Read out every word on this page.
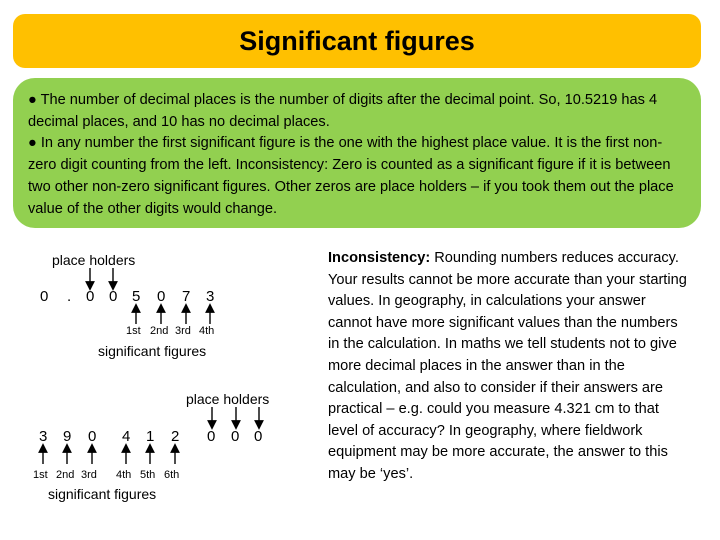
Significant figures

● The number of decimal places is the number of digits after the decimal point. So, 10.5219 has 4 decimal places, and 10 has no decimal places.

● In any number the first significant figure is the one with the highest place value. It is the first non-zero digit counting from the left. Inconsistency: Zero is counted as a significant figure if it is between two other non-zero significant figures. Other zeros are place holders – if you took them out the place value of the other digits would change.

place holders
0 . 0 0 5 0 7 3
1st 2nd 3rd 4th
significant figures
place holders
3 9 0 4 1 2 0 0 0
1st 2nd 3rd 4th 5th 6th
significant figures
Inconsistency: Rounding numbers reduces accuracy. Your results cannot be more accurate than your starting values. In geography, in calculations your answer cannot have more significant values than the numbers in the calculation. In maths we tell students not to give more decimal places in the answer than in the calculation, and also to consider if their answers are practical – e.g. could you measure 4.321 cm to that level of accuracy? In geography, where fieldwork equipment may be more accurate, the answer to this may be ‘yes’.
